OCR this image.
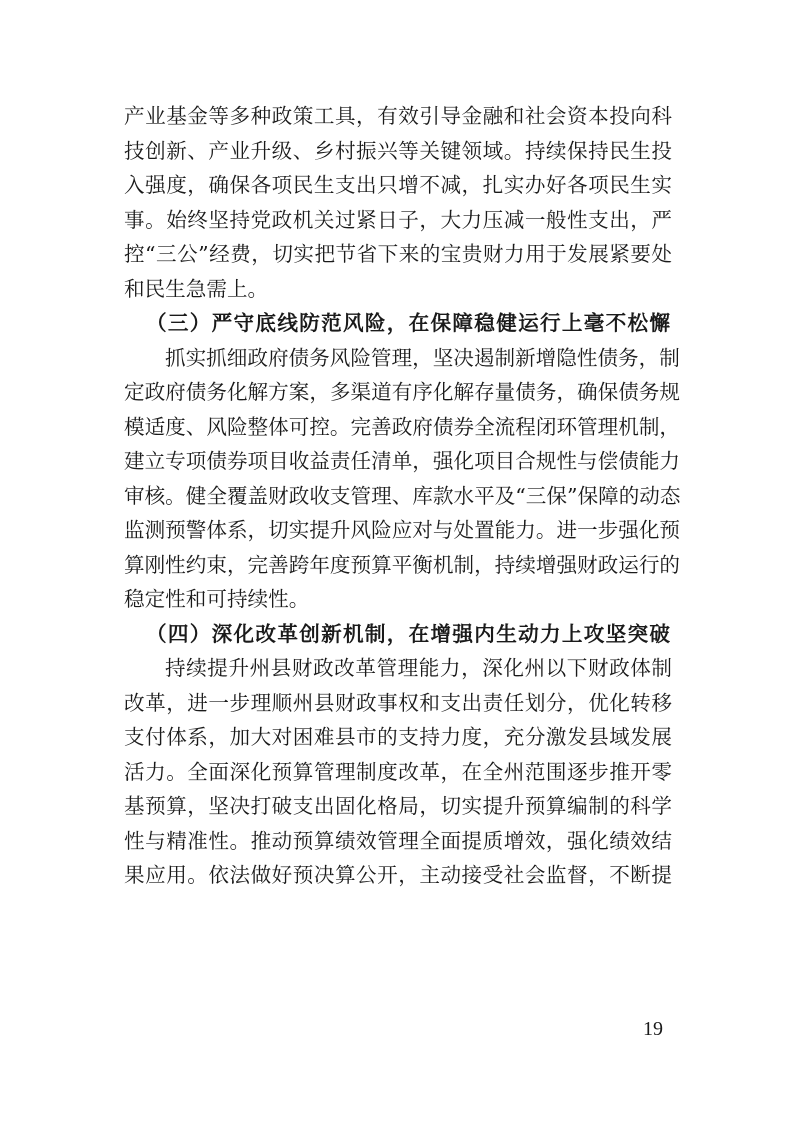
产业基金等多种政策工具，有效引导金融和社会资本投向科
技创新、产业升级、乡村振兴等关键领域。持续保持民生投
入强度，确保各项民生支出只增不减，扎实办好各项民生实
事。始终坚持党政机关过紧日子，大力压减一般性支出，严
控“三公”经费，切实把节省下来的宝贵财力用于发展紧要处
和民生急需上。
（三）严守底线防范风险，在保障稳健运行上毫不松懈
抓实抓细政府债务风险管理，坚决遏制新增隐性债务，制
定政府债务化解方案，多渠道有序化解存量债务，确保债务规
模适度、风险整体可控。完善政府债券全流程闭环管理机制，
建立专项债券项目收益责任清单，强化项目合规性与偿债能力
审核。健全覆盖财政收支管理、库款水平及“三保”保障的动态
监测预警体系，切实提升风险应对与处置能力。进一步强化预
算刚性约束，完善跨年度预算平衡机制，持续增强财政运行的
稳定性和可持续性。
（四）深化改革创新机制，在增强内生动力上攻坚突破
持续提升州县财政改革管理能力，深化州以下财政体制
改革，进一步理顺州县财政事权和支出责任划分，优化转移
支付体系，加大对困难县市的支持力度，充分激发县域发展
活力。全面深化预算管理制度改革，在全州范围逐步推开零
基预算，坚决打破支出固化格局，切实提升预算编制的科学
性与精准性。推动预算绩效管理全面提质增效，强化绩效结
果应用。依法做好预决算公开，主动接受社会监督，不断提
19
